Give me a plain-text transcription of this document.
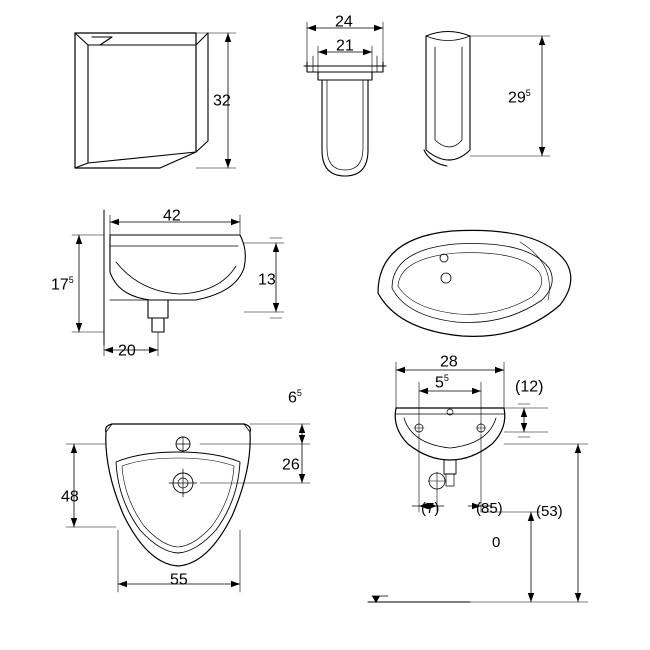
32
24
21
$29^5$
42
$17^5$	13
20
$6^5$
26
48
55
28
$5^5$
(12)
(7) (85) (53)
0
